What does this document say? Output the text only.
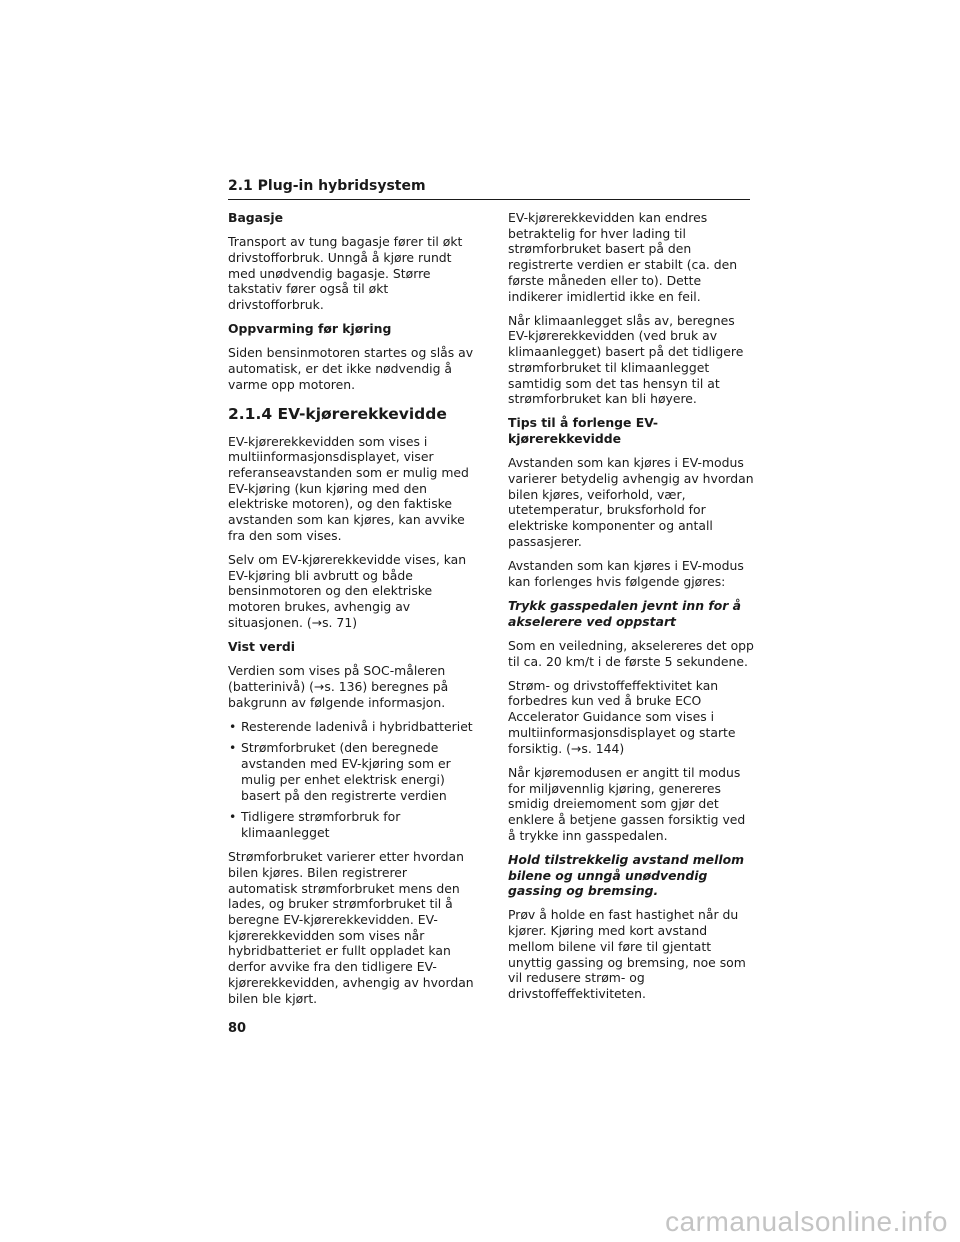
2.1 Plug-in hybridsystem

Bagasje

Transport av tung bagasje fører til økt drivstofforbruk. Unngå å kjøre rundt med unødvendig bagasje. Større takstativ fører også til økt drivstofforbruk.

Oppvarming før kjøring

Siden bensinmotoren startes og slås av automatisk, er det ikke nødvendig å varme opp motoren.

2.1.4 EV-kjørerekkevidde

EV-kjørerekkevidden som vises i multiinformasjonsdisplayet, viser referanseavstanden som er mulig med EV-kjøring (kun kjøring med den elektriske motoren), og den faktiske avstanden som kan kjøres, kan avvike fra den som vises.

Selv om EV-kjørerekkevidde vises, kan EV-kjøring bli avbrutt og både bensinmotoren og den elektriske motoren brukes, avhengig av situasjonen. (→s. 71)

Vist verdi

Verdien som vises på SOC-måleren (batterinivå) (→s. 136) beregnes på bakgrunn av følgende informasjon.

• Resterende ladenivå i hybridbatteriet
• Strømforbruket (den beregnede avstanden med EV-kjøring som er mulig per enhet elektrisk energi) basert på den registrerte verdien
• Tidligere strømforbruk for klimaanlegget

Strømforbruket varierer etter hvordan bilen kjøres. Bilen registrerer automatisk strømforbruket mens den lades, og bruker strømforbruket til å beregne EV-kjørerekkevidden. EV-kjørerekkevidden som vises når hybridbatteriet er fullt oppladet kan derfor avvike fra den tidligere EV-kjørerekkevidden, avhengig av hvordan bilen ble kjørt.

EV-kjørerekkevidden kan endres betraktelig for hver lading til strømforbruket basert på den registrerte verdien er stabilt (ca. den første måneden eller to). Dette indikerer imidlertid ikke en feil.

Når klimaanlegget slås av, beregnes EV-kjørerekkevidden (ved bruk av klimaanlegget) basert på det tidligere strømforbruket til klimaanlegget samtidig som det tas hensyn til at strømforbruket kan bli høyere.

Tips til å forlenge EV-kjørerekkevidde

Avstanden som kan kjøres i EV-modus varierer betydelig avhengig av hvordan bilen kjøres, veiforhold, vær, utetemperatur, bruksforhold for elektriske komponenter og antall passasjerer.

Avstanden som kan kjøres i EV-modus kan forlenges hvis følgende gjøres:

Trykk gasspedalen jevnt inn for å akselerere ved oppstart

Som en veiledning, akselereres det opp til ca. 20 km/t i de første 5 sekundene.

Strøm- og drivstoffeffektivitet kan forbedres kun ved å bruke ECO Accelerator Guidance som vises i multiinformasjonsdisplayet og starte forsiktig. (→s. 144)

Når kjøremodusen er angitt til modus for miljøvennlig kjøring, genereres smidig dreiemoment som gjør det enklere å betjene gassen forsiktig ved å trykke inn gasspedalen.

Hold tilstrekkelig avstand mellom bilene og unngå unødvendig gassing og bremsing.

Prøv å holde en fast hastighet når du kjører. Kjøring med kort avstand mellom bilene vil føre til gjentatt unyttig gassing og bremsing, noe som vil redusere strøm- og drivstoffeffektiviteten.

80
carmanualsonline.info
